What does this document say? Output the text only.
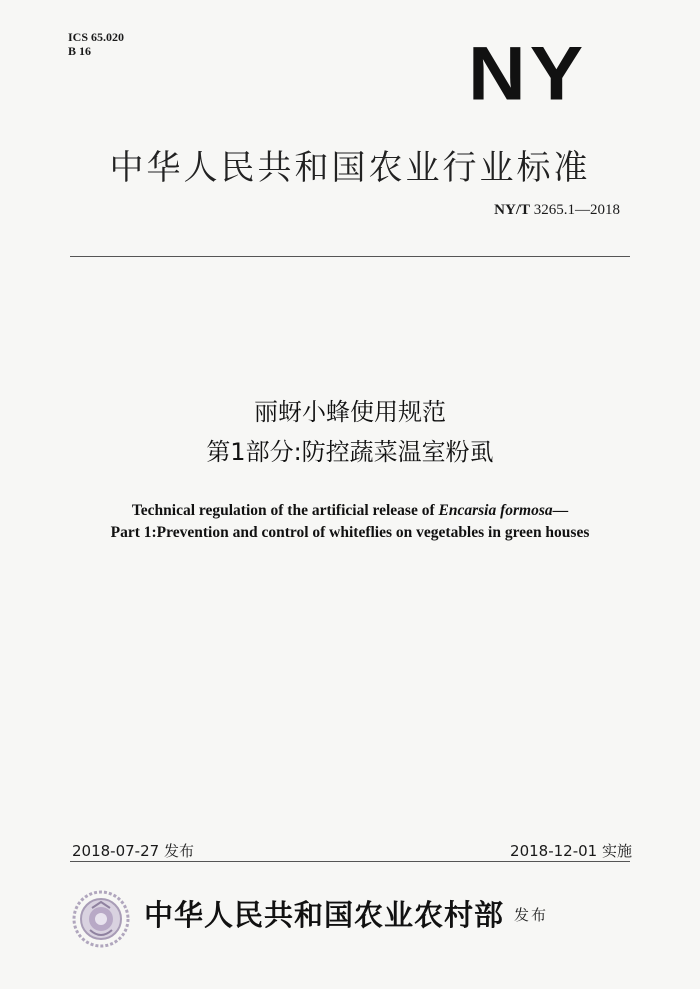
ICS 65.020
B 16	NY
中华人民共和国农业行业标准
NY/T 3265.1—2018
丽蚜小蜂使用规范
第1部分:防控蔬菜温室粉虱
Technical regulation of the artificial release of Encarsia formosa—
Part 1:Prevention and control of whiteflies on vegetables in green houses
2018-07-27 发布	2018-12-01 实施
中华人民共和国农业农村部 发布
